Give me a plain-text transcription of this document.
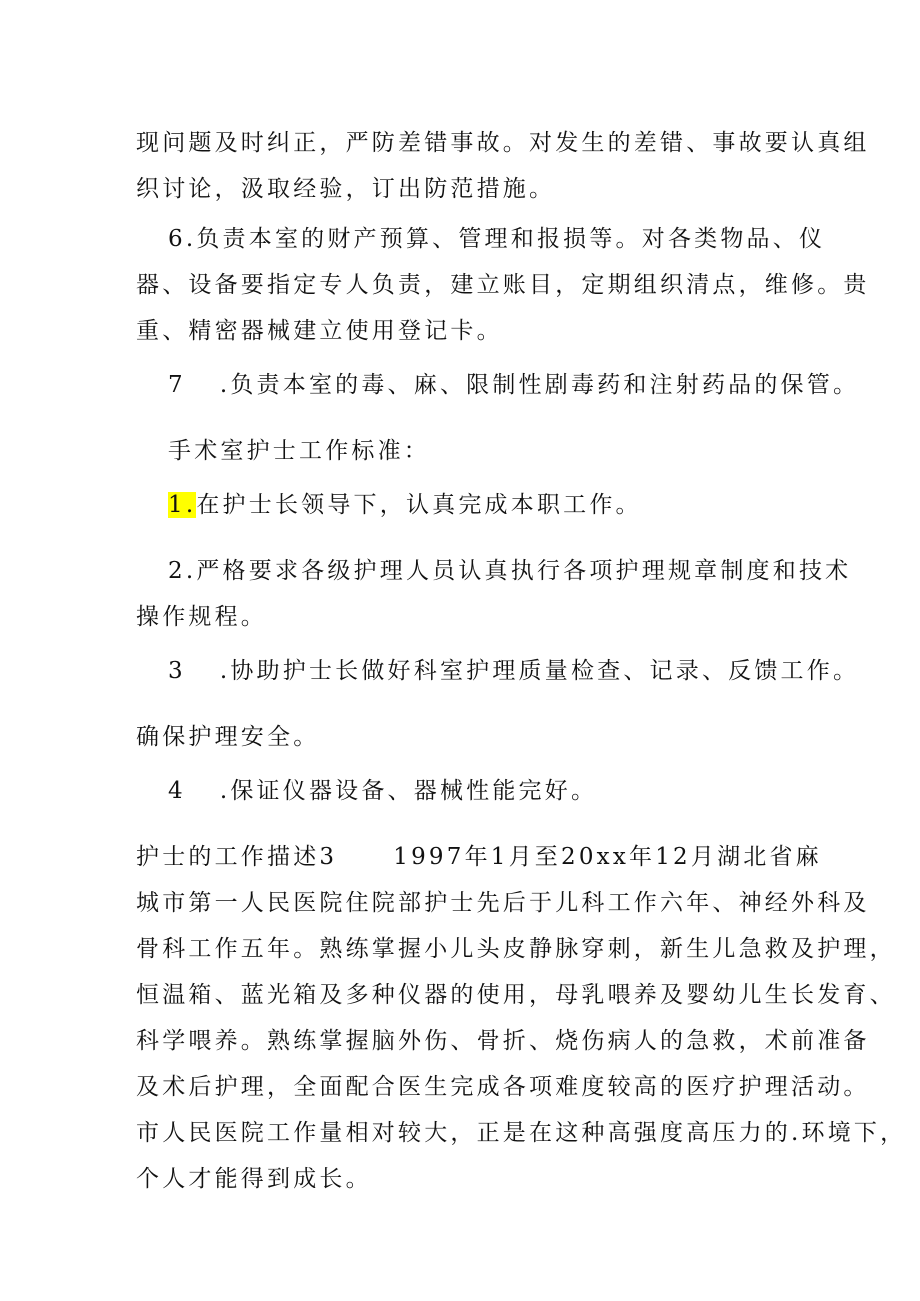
现问题及时纠正，严防差错事故。对发生的差错、事故要认真组
织讨论，汲取经验，订出防范措施。
6.负责本室的财产预算、管理和报损等。对各类物品、仪
器、设备要指定专人负责，建立账目，定期组织清点，维修。贵
重、精密器械建立使用登记卡。
7 .负责本室的毒、麻、限制性剧毒药和注射药品的保管。
手术室护士工作标准：
1.在护士长领导下，认真完成本职工作。
2.严格要求各级护理人员认真执行各项护理规章制度和技术
操作规程。
3 .协助护士长做好科室护理质量检查、记录、反馈工作。
确保护理安全。
4 .保证仪器设备、器械性能完好。
护士的工作描述3 1997年1月至20xx年12月湖北省麻
城市第一人民医院住院部护士先后于儿科工作六年、神经外科及
骨科工作五年。熟练掌握小儿头皮静脉穿刺，新生儿急救及护理，
恒温箱、蓝光箱及多种仪器的使用，母乳喂养及婴幼儿生长发育、
科学喂养。熟练掌握脑外伤、骨折、烧伤病人的急救，术前准备
及术后护理，全面配合医生完成各项难度较高的医疗护理活动。
市人民医院工作量相对较大，正是在这种高强度高压力的.环境下，
个人才能得到成长。
